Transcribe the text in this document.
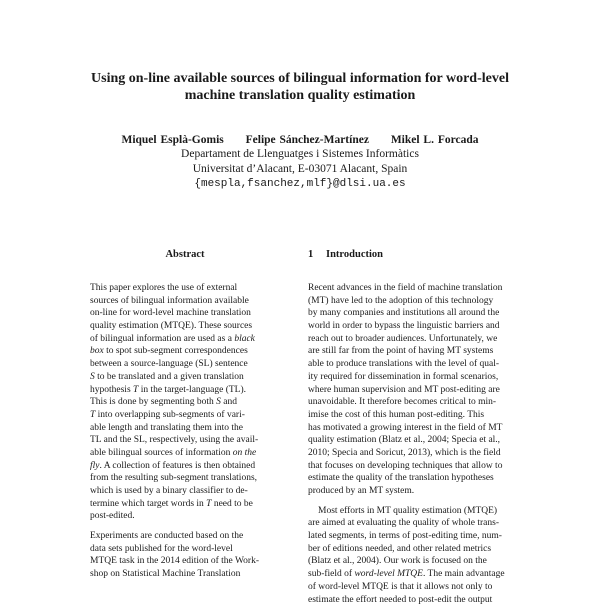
Using on-line available sources of bilingual information for word-level
machine translation quality estimation
Miquel Esplà-Gomis Felipe Sánchez-Martínez Mikel L. Forcada
Departament de Llenguatges i Sistemes Informàtics
Universitat d’Alacant, E-03071 Alacant, Spain
{mespla,fsanchez,mlf}@dlsi.ua.es
Abstract
This paper explores the use of external
sources of bilingual information available
on-line for word-level machine translation
quality estimation (MTQE). These sources
of bilingual information are used as a black
box to spot sub-segment correspondences
between a source-language (SL) sentence
S to be translated and a given translation
hypothesis T in the target-language (TL).
This is done by segmenting both S and
T into overlapping sub-segments of vari-
able length and translating them into the
TL and the SL, respectively, using the avail-
able bilingual sources of information on the
fly. A collection of features is then obtained
from the resulting sub-segment translations,
which is used by a binary classifier to de-
termine which target words in T need to be
post-edited.
Experiments are conducted based on the
data sets published for the word-level
MTQE task in the 2014 edition of the Work-
shop on Statistical Machine Translation
1 Introduction
Recent advances in the field of machine translation
(MT) have led to the adoption of this technology
by many companies and institutions all around the
world in order to bypass the linguistic barriers and
reach out to broader audiences. Unfortunately, we
are still far from the point of having MT systems
able to produce translations with the level of qual-
ity required for dissemination in formal scenarios,
where human supervision and MT post-editing are
unavoidable. It therefore becomes critical to min-
imise the cost of this human post-editing. This
has motivated a growing interest in the field of MT
quality estimation (Blatz et al., 2004; Specia et al.,
2010; Specia and Soricut, 2013), which is the field
that focuses on developing techniques that allow to
estimate the quality of the translation hypotheses
produced by an MT system.
Most efforts in MT quality estimation (MTQE)
are aimed at evaluating the quality of whole trans-
lated segments, in terms of post-editing time, num-
ber of editions needed, and other related metrics
(Blatz et al., 2004). Our work is focused on the
sub-field of word-level MTQE. The main advantage
of word-level MTQE is that it allows not only to
estimate the effort needed to post-edit the output
